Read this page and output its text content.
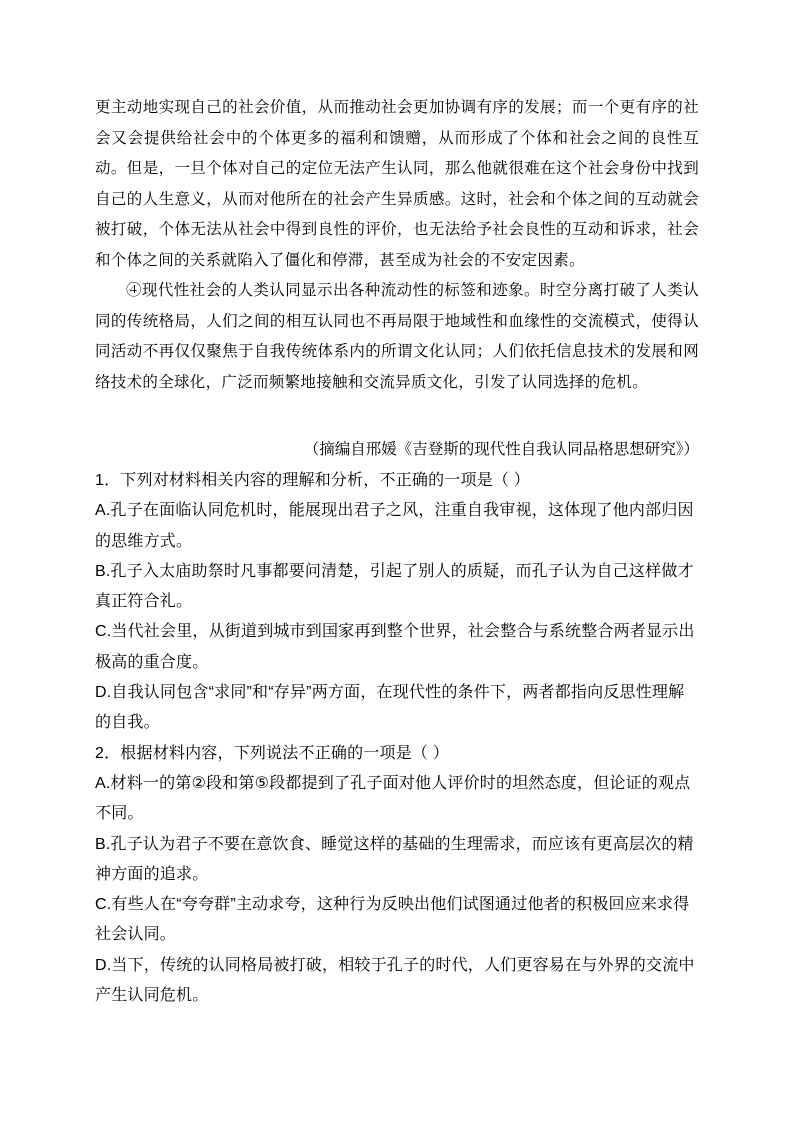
更主动地实现自己的社会价值，从而推动社会更加协调有序的发展；而一个更有序的社会又会提供给社会中的个体更多的福利和馈赠，从而形成了个体和社会之间的良性互动。但是，一旦个体对自己的定位无法产生认同，那么他就很难在这个社会身份中找到自己的人生意义，从而对他所在的社会产生异质感。这时，社会和个体之间的互动就会被打破，个体无法从社会中得到良性的评价，也无法给予社会良性的互动和诉求，社会和个体之间的关系就陷入了僵化和停滞，甚至成为社会的不安定因素。

④现代性社会的人类认同显示出各种流动性的标签和迹象。时空分离打破了人类认同的传统格局，人们之间的相互认同也不再局限于地域性和血缘性的交流模式，使得认同活动不再仅仅聚焦于自我传统体系内的所谓文化认同；人们依托信息技术的发展和网络技术的全球化，广泛而频繁地接触和交流异质文化，引发了认同选择的危机。

（摘编自邢媛《吉登斯的现代性自我认同品格思想研究》）

1．下列对材料相关内容的理解和分析，不正确的一项是（ ）

A.孔子在面临认同危机时，能展现出君子之风，注重自我审视，这体现了他内部归因的思维方式。

B.孔子入太庙助祭时凡事都要问清楚，引起了别人的质疑，而孔子认为自己这样做才真正符合礼。

C.当代社会里，从街道到城市到国家再到整个世界，社会整合与系统整合两者显示出极高的重合度。

D.自我认同包含“求同”和“存异”两方面，在现代性的条件下，两者都指向反思性理解的自我。

2．根据材料内容，下列说法不正确的一项是（ ）

A.材料一的第②段和第⑤段都提到了孔子面对他人评价时的坦然态度，但论证的观点不同。

B.孔子认为君子不要在意饮食、睡觉这样的基础的生理需求，而应该有更高层次的精神方面的追求。

C.有些人在“夸夸群”主动求夸，这种行为反映出他们试图通过他者的积极回应来求得社会认同。

D.当下，传统的认同格局被打破，相较于孔子的时代，人们更容易在与外界的交流中产生认同危机。
